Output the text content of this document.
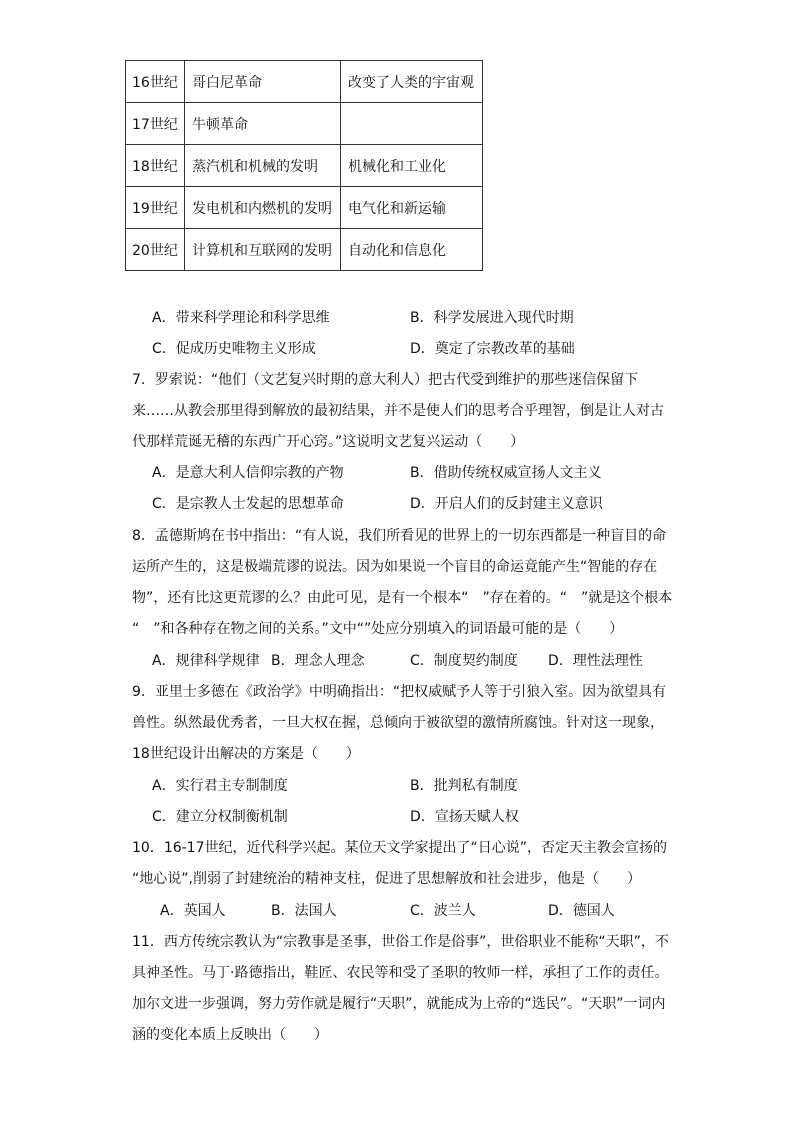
16世纪	哥白尼革命	改变了人类的宇宙观
17世纪	牛顿革命	
18世纪	蒸汽机和机械的发明	机械化和工业化
19世纪	发电机和内燃机的发明	电气化和新运输
20世纪	计算机和互联网的发明	自动化和信息化
A．带来科学理论和科学思维	B．科学发展进入现代时期
C．促成历史唯物主义形成	D．奠定了宗教改革的基础
7．罗索说：“他们（文艺复兴时期的意大利人）把古代受到维护的那些迷信保留下
来……从教会那里得到解放的最初结果，并不是使人们的思考合乎理智，倒是让人对古
代那样荒诞无稽的东西广开心窍。”这说明文艺复兴运动（　　）
A．是意大利人信仰宗教的产物	B．借助传统权威宣扬人文主义
C．是宗教人士发起的思想革命	D．开启人们的反封建主义意识
8．孟德斯鸠在书中指出：“有人说，我们所看见的世界上的一切东西都是一种盲目的命
运所产生的，这是极端荒谬的说法。因为如果说一个盲目的命运竟能产生“智能的存在
物”，还有比这更荒谬的么？由此可见，是有一个根本“　”存在着的。“　”就是这个根本
“　”和各种存在物之间的关系。”文中“”处应分别填入的词语最可能的是（　　）
A．规律科学规律 B．理念人理念	C．制度契约制度 D．理性法理性
9．亚里士多德在《政治学》中明确指出：“把权威赋予人等于引狼入室。因为欲望具有
兽性。纵然最优秀者，一旦大权在握，总倾向于被欲望的激情所腐蚀。针对这一现象，
18世纪设计出解决的方案是（　　）
A．实行君主专制制度	B．批判私有制度
C．建立分权制衡机制	D．宣扬天赋人权
10．16-17世纪，近代科学兴起。某位天文学家提出了“日心说”，否定天主教会宣扬的
“地心说”,削弱了封建统治的精神支柱，促进了思想解放和社会进步，他是（　　）
A．英国人	B．法国人	C．波兰人	D．德国人
11．西方传统宗教认为“宗教事是圣事，世俗工作是俗事”，世俗职业不能称“天职”，不
具神圣性。马丁·路德指出，鞋匠、农民等和受了圣职的牧师一样，承担了工作的责任。
加尔文进一步强调，努力劳作就是履行“天职”，就能成为上帝的“选民”。“天职”一词内
涵的变化本质上反映出（　　）
